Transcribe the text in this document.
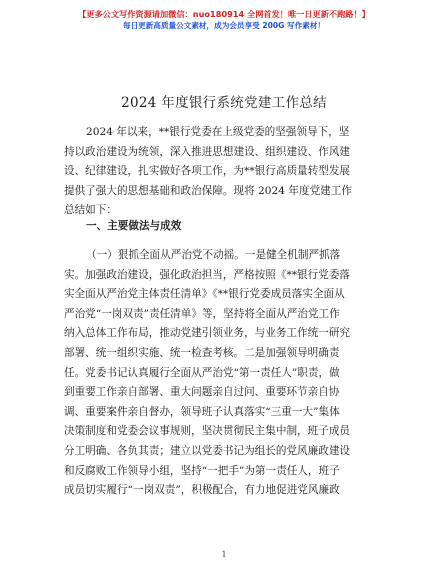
【更多公文写作资源请加微信：nuo180914 全网首发！唯一日更新不跑路！】
每日更新高质量公文素材，成为会员享受 200G 写作素材！
2024 年度银行系统党建工作总结
2024 年以来，**银行党委在上级党委的坚强领导下，坚
持以政治建设为统领，深入推进思想建设、组织建设、作风建
设、纪律建设，扎实做好各项工作，为**银行高质量转型发展
提供了强大的思想基础和政治保障。现将 2024 年度党建工作
总结如下：
一、主要做法与成效
（一）狠抓全面从严治党不动摇。一是健全机制严抓落
实。加强政治建设，强化政治担当，严格按照《**银行党委落
实全面从严治党主体责任清单》《**银行党委成员落实全面从
严治党“一岗双责”责任清单》等，坚持将全面从严治党工作
纳入总体工作布局，推动党建引领业务，与业务工作统一研究
部署、统一组织实施、统一检查考核。二是加强领导明确责
任。党委书记认真履行全面从严治党“第一责任人”职责，做
到重要工作亲自部署、重大问题亲自过问、重要环节亲自协
调、重要案件亲自督办，领导班子认真落实“三重一大”集体
决策制度和党委会议事规则，坚决贯彻民主集中制，班子成员
分工明确、各负其责；建立以党委书记为组长的党风廉政建设
和反腐败工作领导小组，坚持“一把手”为第一责任人，班子
成员切实履行“一岗双责”，积极配合，有力地促进党风廉政
1
